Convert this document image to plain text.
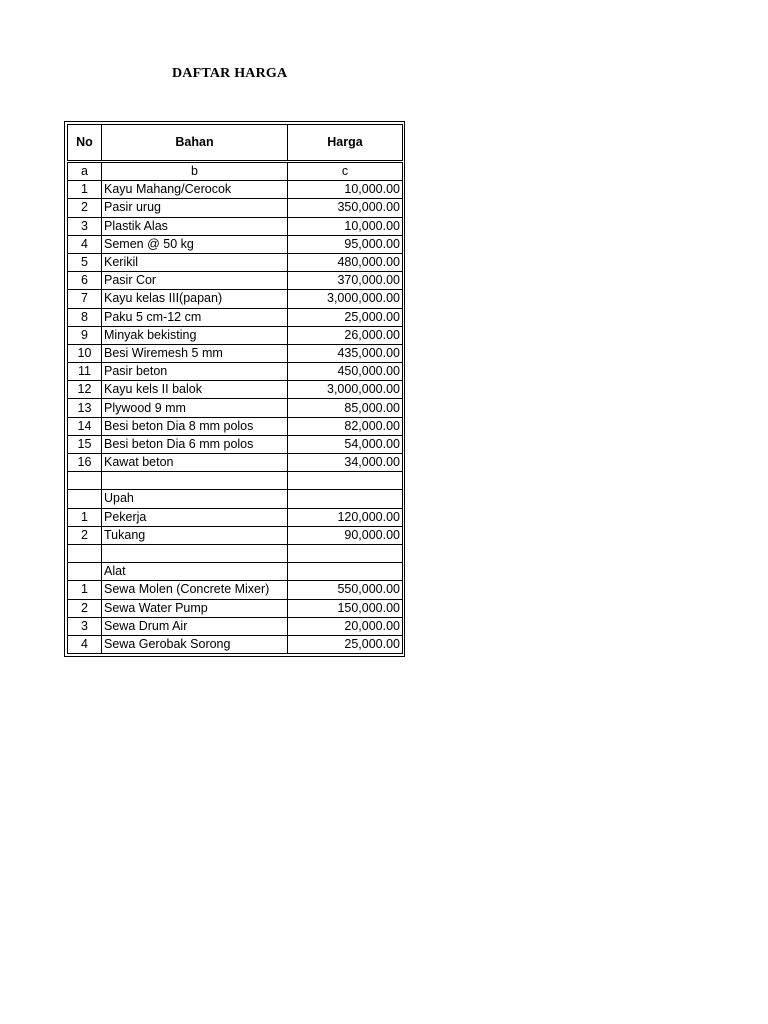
DAFTAR HARGA
No	Bahan	Harga
a	b	c
1	Kayu Mahang/Cerocok	10,000.00
2	Pasir urug	350,000.00
3	Plastik Alas	10,000.00
4	Semen @ 50 kg	95,000.00
5	Kerikil	480,000.00
6	Pasir Cor	370,000.00
7	Kayu kelas III(papan)	3,000,000.00
8	Paku 5 cm-12 cm	25,000.00
9	Minyak bekisting	26,000.00
10	Besi Wiremesh 5 mm	435,000.00
11	Pasir beton	450,000.00
12	Kayu kels II balok	3,000,000.00
13	Plywood 9 mm	85,000.00
14	Besi beton Dia 8 mm polos	82,000.00
15	Besi beton Dia 6 mm polos	54,000.00
16	Kawat beton	34,000.00

	Upah	
1	Pekerja	120,000.00
2	Tukang	90,000.00

	Alat	
1	Sewa Molen (Concrete Mixer)	550,000.00
2	Sewa Water Pump	150,000.00
3	Sewa Drum Air	20,000.00
4	Sewa Gerobak Sorong	25,000.00
